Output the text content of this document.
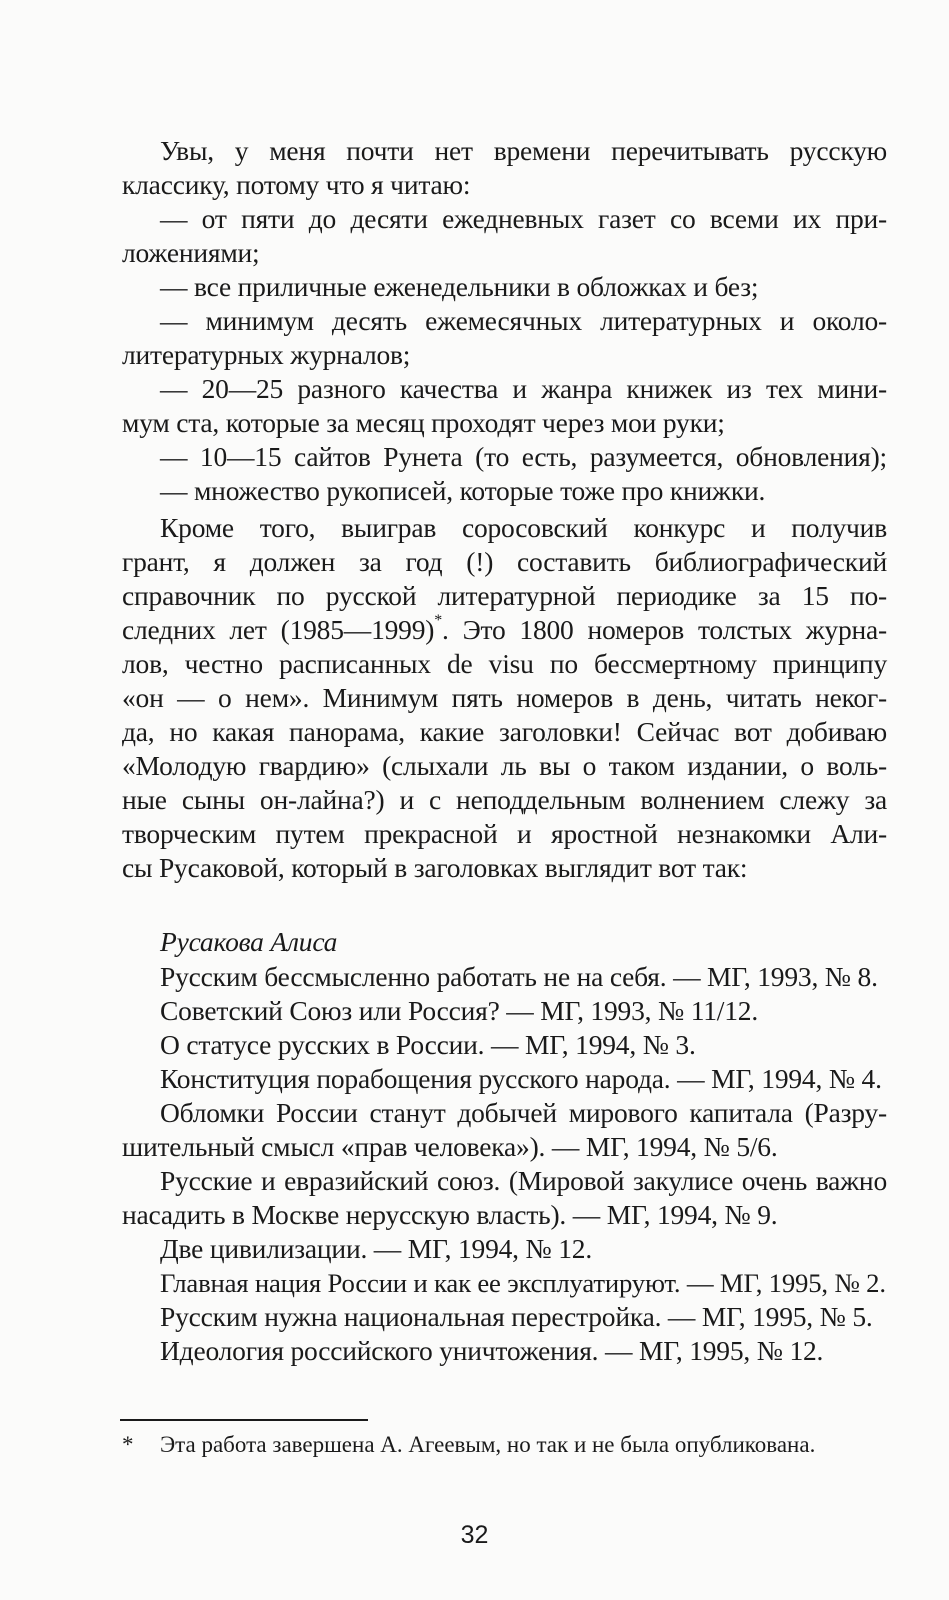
Увы, у меня почти нет времени перечитывать русскую
классику, потому что я читаю:
— от пяти до десяти ежедневных газет со всеми их при-
ложениями;
— все приличные еженедельники в обложках и без;
— минимум десять ежемесячных литературных и около-
литературных журналов;
— 20—25 разного качества и жанра книжек из тех мини-
мум ста, которые за месяц проходят через мои руки;
— 10—15 сайтов Рунета (то есть, разумеется, обновления);
— множество рукописей, которые тоже про книжки.
Кроме того, выиграв соросовский конкурс и получив
грант, я должен за год (!) составить библиографический
справочник по русской литературной периодике за 15 по-
следних лет (1985—1999)*. Это 1800 номеров толстых журна-
лов, честно расписанных de visu по бессмертному принципу
«он — о нем». Минимум пять номеров в день, читать неког-
да, но какая панорама, какие заголовки! Сейчас вот добиваю
«Молодую гвардию» (слыхали ль вы о таком издании, о воль-
ные сыны он-лайна?) и с неподдельным волнением слежу за
творческим путем прекрасной и яростной незнакомки Али-
сы Русаковой, который в заголовках выглядит вот так:
Русакова Алиса
Русским бессмысленно работать не на себя. — МГ, 1993, № 8.
Советский Союз или Россия? — МГ, 1993, № 11/12.
О статусе русских в России. — МГ, 1994, № 3.
Конституция порабощения русского народа. — МГ, 1994, № 4.
Обломки России станут добычей мирового капитала (Разру-
шительный смысл «прав человека»). — МГ, 1994, № 5/6.
Русские и евразийский союз. (Мировой закулисе очень важно
насадить в Москве нерусскую власть). — МГ, 1994, № 9.
Две цивилизации. — МГ, 1994, № 12.
Главная нация России и как ее эксплуатируют. — МГ, 1995, № 2.
Русским нужна национальная перестройка. — МГ, 1995, № 5.
Идеология российского уничтожения. — МГ, 1995, № 12.
* Эта работа завершена А. Агеевым, но так и не была опубликована.
32
